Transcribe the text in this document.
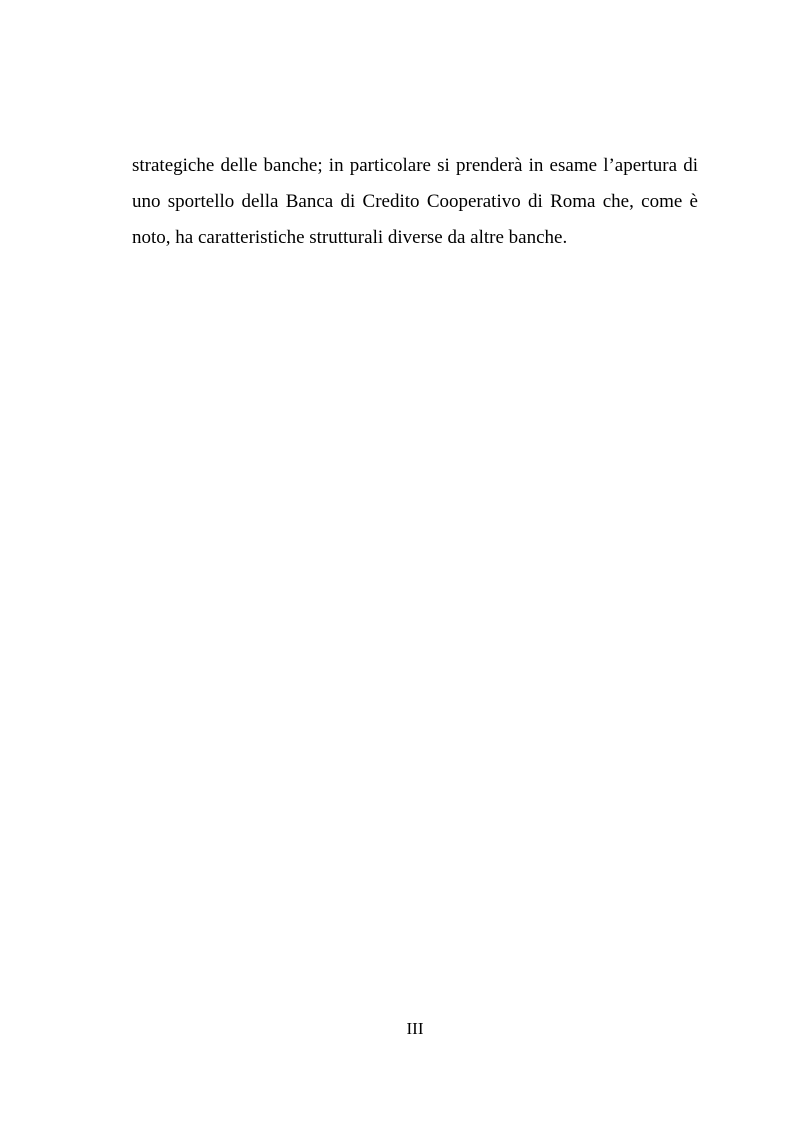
strategiche delle banche; in particolare si prenderà in esame l’apertura di
uno sportello della Banca di Credito Cooperativo di Roma che, come è
noto, ha caratteristiche strutturali diverse da altre banche.

III
